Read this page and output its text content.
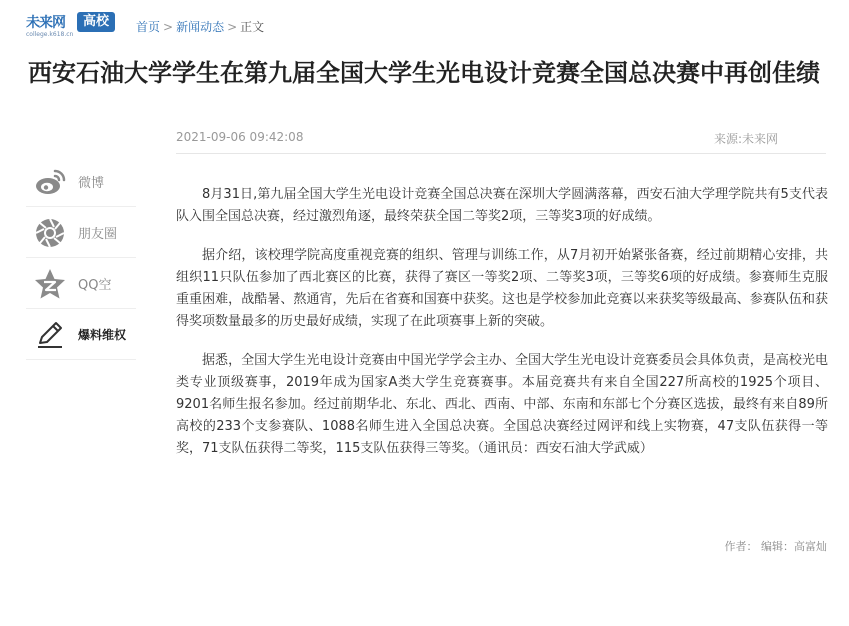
未来网	高校
college.k618.cn
首页 > 新闻动态 > 正文
西安石油大学学生在第九届全国大学生光电设计竞赛全国总决赛中再创佳绩
2021-09-06 09:42:08	来源:未来网
微博
朋友圈
QQ空
爆料维权

8月31日,第九届全国大学生光电设计竞赛全国总决赛在深圳大学圆满落幕，西安石油大学理学院共有5支代表队入围全国总决赛，经过激烈角逐，最终荣获全国二等奖2项，三等奖3项的好成绩。

据介绍，该校理学院高度重视竞赛的组织、管理与训练工作，从7月初开始紧张备赛，经过前期精心安排，共组织11只队伍参加了西北赛区的比赛，获得了赛区一等奖2项、二等奖3项，三等奖6项的好成绩。参赛师生克服重重困难，战酷暑、熬通宵，先后在省赛和国赛中获奖。这也是学校参加此竞赛以来获奖等级最高、参赛队伍和获得奖项数量最多的历史最好成绩，实现了在此项赛事上新的突破。

据悉，全国大学生光电设计竞赛由中国光学学会主办、全国大学生光电设计竞赛委员会具体负责，是高校光电类专业顶级赛事，2019年成为国家A类大学生竞赛赛事。本届竞赛共有来自全国227所高校的1925个项目、9201名师生报名参加。经过前期华北、东北、西北、西南、中部、东南和东部七个分赛区选拔，最终有来自89所高校的233个支参赛队、1088名师生进入全国总决赛。全国总决赛经过网评和线上实物赛，47支队伍获得一等奖，71支队伍获得二等奖，115支队伍获得三等奖。（通讯员：西安石油大学武威）

作者： 编辑：高富灿
